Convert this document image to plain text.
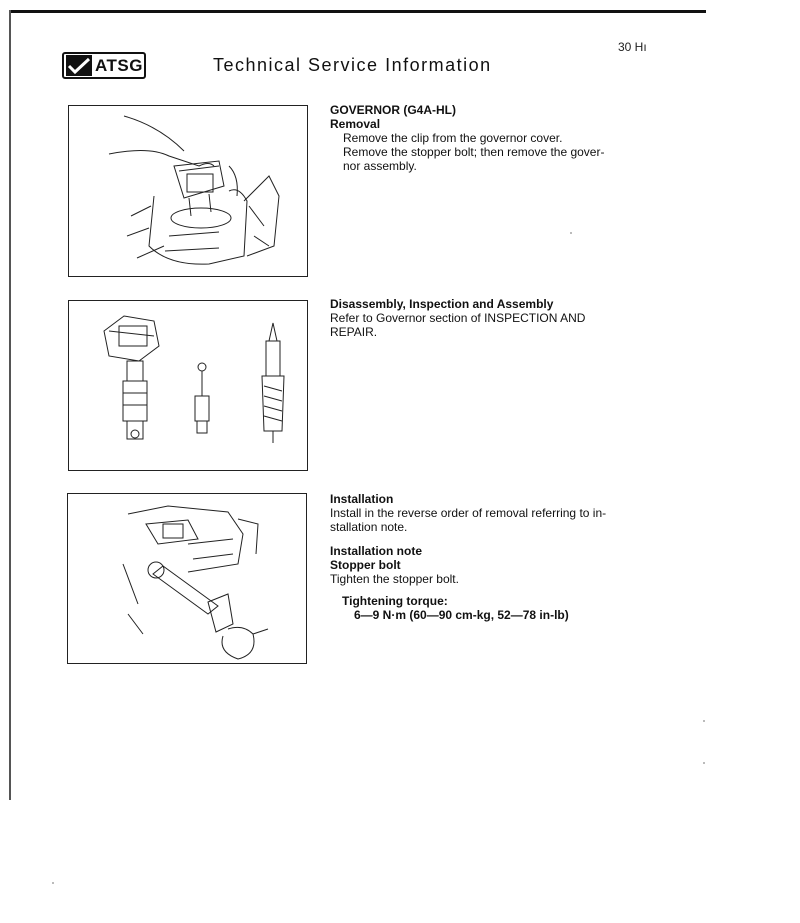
ATSG	Technical Service Information
30 Hı
GOVERNOR (G4A-HL)
Removal
Remove the clip from the governor cover.
Remove the stopper bolt; then remove the gover-
nor assembly.
Disassembly, Inspection and Assembly
Refer to Governor section of INSPECTION AND
REPAIR.
Installation
Install in the reverse order of removal referring to in-
stallation note.
Installation note
Stopper bolt
Tighten the stopper bolt.
Tightening torque:
6—9 N·m (60—90 cm-kg, 52—78 in-lb)
